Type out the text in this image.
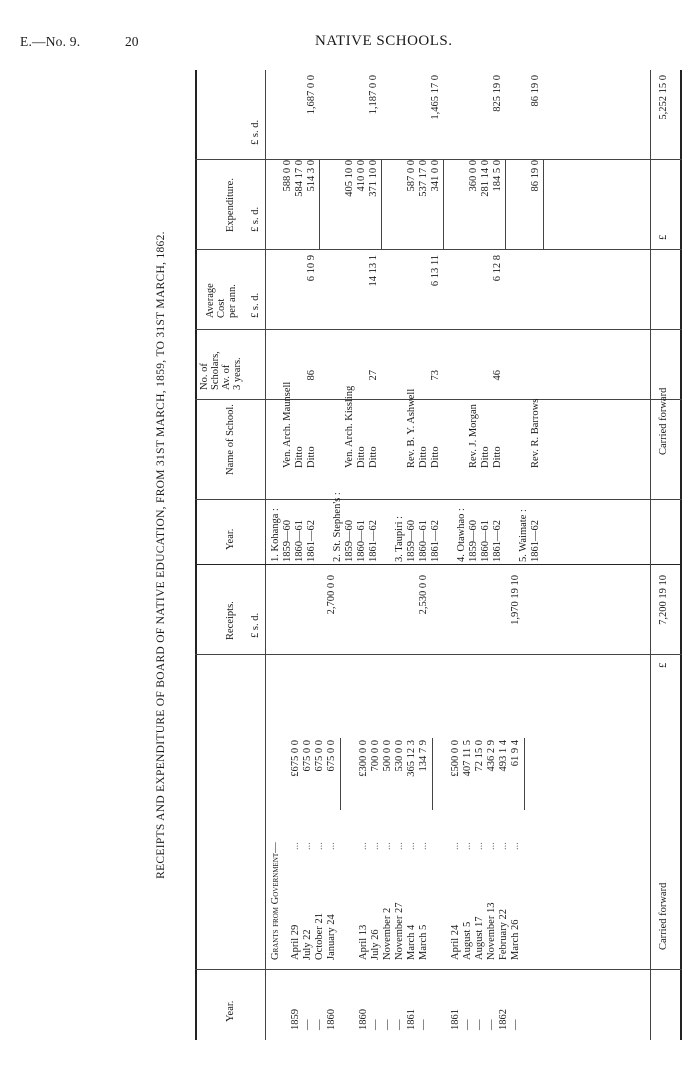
E.—No. 9.	20	NATIVE SCHOOLS.
RECEIPTS AND EXPENDITURE OF BOARD OF NATIVE EDUCATION, FROM 31ST MARCH, 1859, TO 31ST MARCH, 1862.
Year.
Receipts.
Year.
Name of School.
No. of Scholars, Av. of 3 years.
Average Cost per ann.
Expenditure.
£ s. d.
£ s. d.
£ s. d.
£ s. d.
Grants from Government—
1859
April 29
...
£675 0 0
—
July 22
...
675 0 0
—
October 21
...
675 0 0
1860
January 24
...
675 0 0
2,700 0 0
1860
April 13
...
£300 0 0
—
July 26
...
700 0 0
—
November 2
...
500 0 0
—
November 27
...
530 0 0
1861
March 4
...
365 12 3
—
March 5
...
134 7 9
2,530 0 0
1861
April 24
...
£500 0 0
—
August 5
...
407 11 5
—
August 17
...
72 15 0
—
November 13
...
436 2 9
1862
February 22
...
493 1 4
—
March 26
...
61 9 4
1,970 19 10
Carried forward
£
7,200 19 10
1. Kohanga : 1859—60
Ven. Arch. Maunsell
588 0 0
1860—61
Ditto
584 17 0
1861—62
Ditto
514 3 0
86
6 10 9
1,687 0 0
2. St. Stephen's : 1859—60
Ven. Arch. Kissling
405 10 0
1860—61
Ditto
410 0 0
1861—62
Ditto
371 10 0
27
14 13 1
1,187 0 0
3. Taupiri : 1859—60
Rev. B. Y. Ashwell
587 0 0
1860—61
Ditto
537 17 0
1861—62
Ditto
341 0 0
73
6 13 11
1,465 17 0
4. Otawhao : 1859—60
Rev. J. Morgan
360 0 0
1860—61
Ditto
281 14 0
1861—62
Ditto
184 5 0
46
6 12 8
825 19 0
5. Waimate : 1861—62
Rev. R. Barrows
86 19 0
86 19 0
Carried forward
£
5,252 15 0
